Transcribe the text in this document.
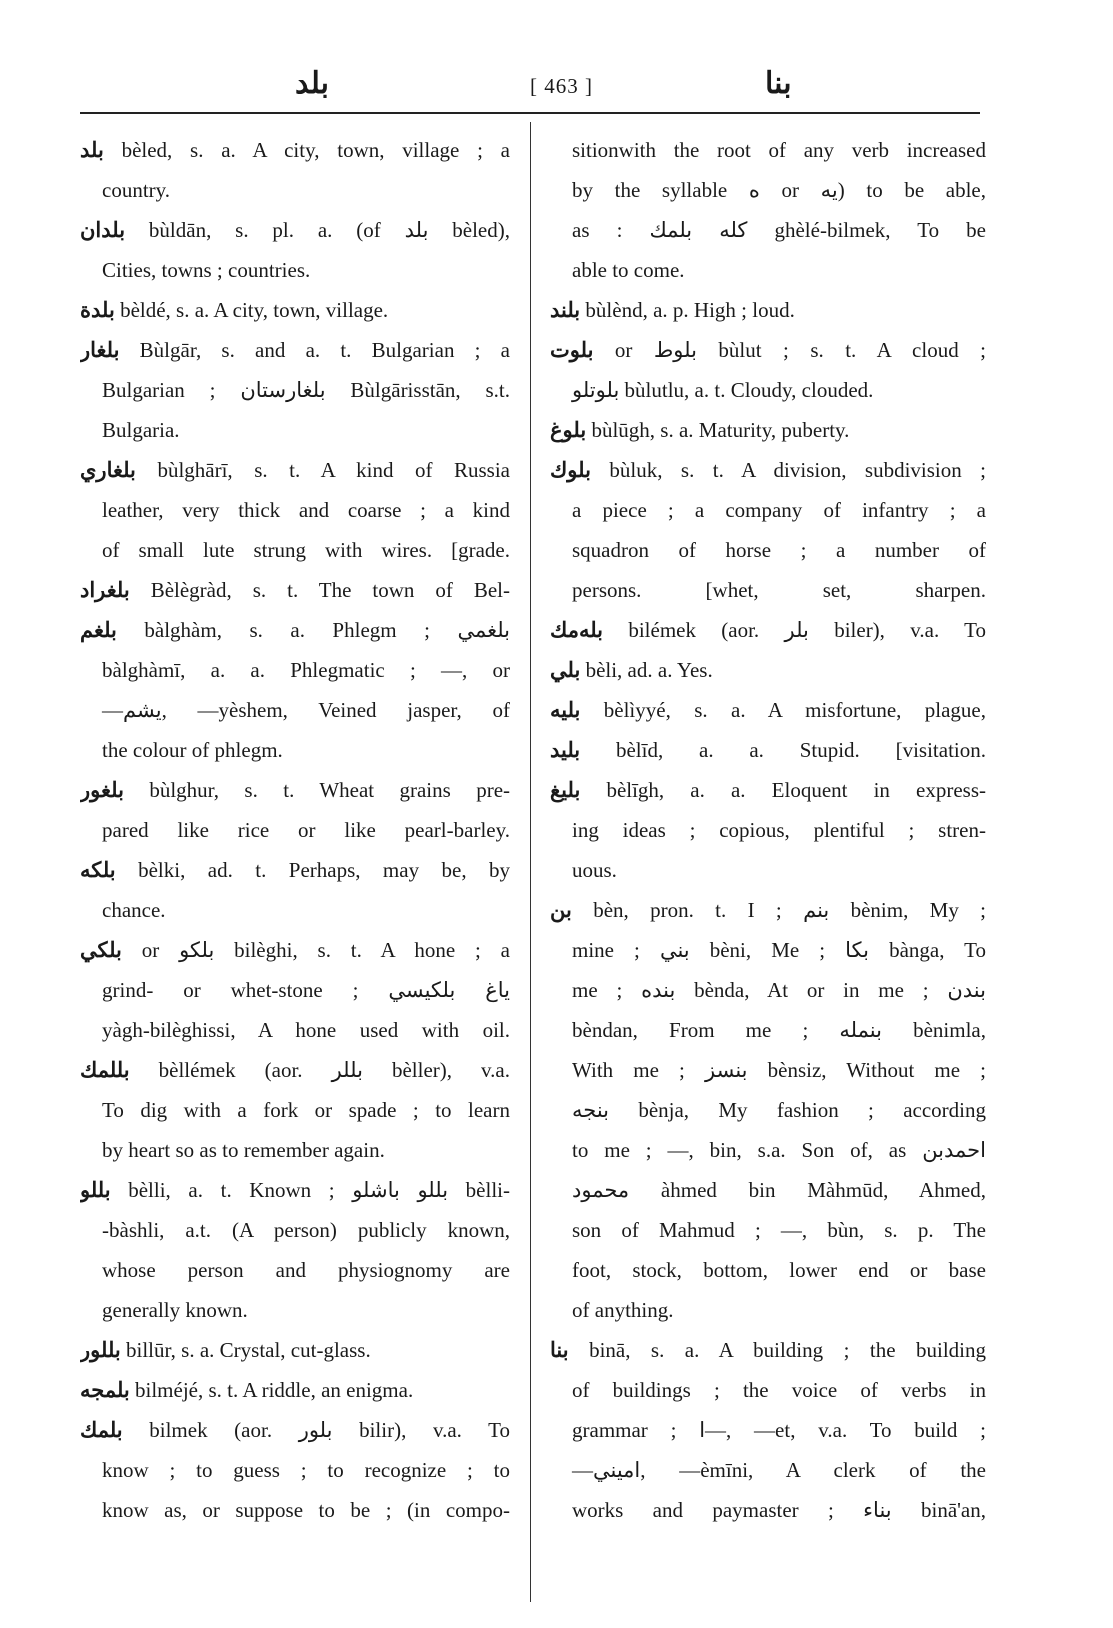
بلد	[ 463 ]	بنا
بلد bèled, s. a. A city, town, village ; a
country.
بلدان bùldān, s. pl. a. (of بلد bèled),
Cities, towns ; countries.
بلدة bèldé, s. a. A city, town, village.
بلغار Bùlgār, s. and a. t. Bulgarian ; a
Bulgarian ; بلغارستان Bùlgārisstān, s.t.
Bulgaria.
بلغاري bùlghārī, s. t. A kind of Russia
leather, very thick and coarse ; a kind
of small lute strung with wires. [grade.
بلغراد Bèlègràd, s. t. The town of Bel-
بلغم bàlghàm, s. a. Phlegm ; بلغمي
bàlghàmī, a. a. Phlegmatic ; —, or
—يشم, —yèshem, Veined jasper, of
the colour of phlegm.
بلغور bùlghur, s. t. Wheat grains pre-
pared like rice or like pearl-barley.
بلكه bèlki, ad. t. Perhaps, may be, by
chance.
بلكي or بلكو bilèghi, s. t. A hone ; a
grind- or whet-stone ; ياغ بلكيسي
yàgh-bilèghissi, A hone used with oil.
بللمك bèllémek (aor. بللر bèller), v.a.
To dig with a fork or spade ; to learn
by heart so as to remember again.
بللو bèlli, a. t. Known ; بللو باشلو bèlli-
-bàshli, a.t. (A person) publicly known,
whose person and physiognomy are
generally known.
بللور billūr, s. a. Crystal, cut-glass.
بلمجه bilméjé, s. t. A riddle, an enigma.
بلمك bilmek (aor. بلور bilir), v.a. To
know ; to guess ; to recognize ; to
know as, or suppose to be ; (in compo-
sitionwith the root of any verb increased
by the syllable ه or يه) to be able,
as : كله بلمك ghèlé-bilmek, To be
able to come.
بلند bùlènd, a. p. High ; loud.
بلوت or بلوط bùlut ; s. t. A cloud ;
بلوتلو bùlutlu, a. t. Cloudy, clouded.
بلوغ bùlūgh, s. a. Maturity, puberty.
بلوك bùluk, s. t. A division, subdivision ;
a piece ; a company of infantry ; a
squadron of horse ; a number of
persons. [whet, set, sharpen.
بله‌مك bilémek (aor. بلر biler), v.a. To
بلي bèli, ad. a. Yes.
بليه bèlìyyé, s. a. A misfortune, plague,
بليد bèlīd, a. a. Stupid. [visitation.
بليغ bèlīgh, a. a. Eloquent in express-
ing ideas ; copious, plentiful ; stren-
uous.
بن bèn, pron. t. I ; بنم bènim, My ;
mine ; بني bèni, Me ; بكا bànga, To
me ; بنده bènda, At or in me ; بندن
bèndan, From me ; بنمله bènimla,
With me ; بنسز bènsiz, Without me ;
بنجه bènja, My fashion ; according
to me ; —, bin, s.a. Son of, as احمدبن
محمود àhmed bin Màhmūd, Ahmed,
son of Mahmud ; —, bùn, s. p. The
foot, stock, bottom, lower end or base
of anything.
بنا binā, s. a. A building ; the building
of buildings ; the voice of verbs in
grammar ; ا—, —et, v.a. To build ;
—اميني, —èmīni, A clerk of the
works and paymaster ; بناء binā'an,
